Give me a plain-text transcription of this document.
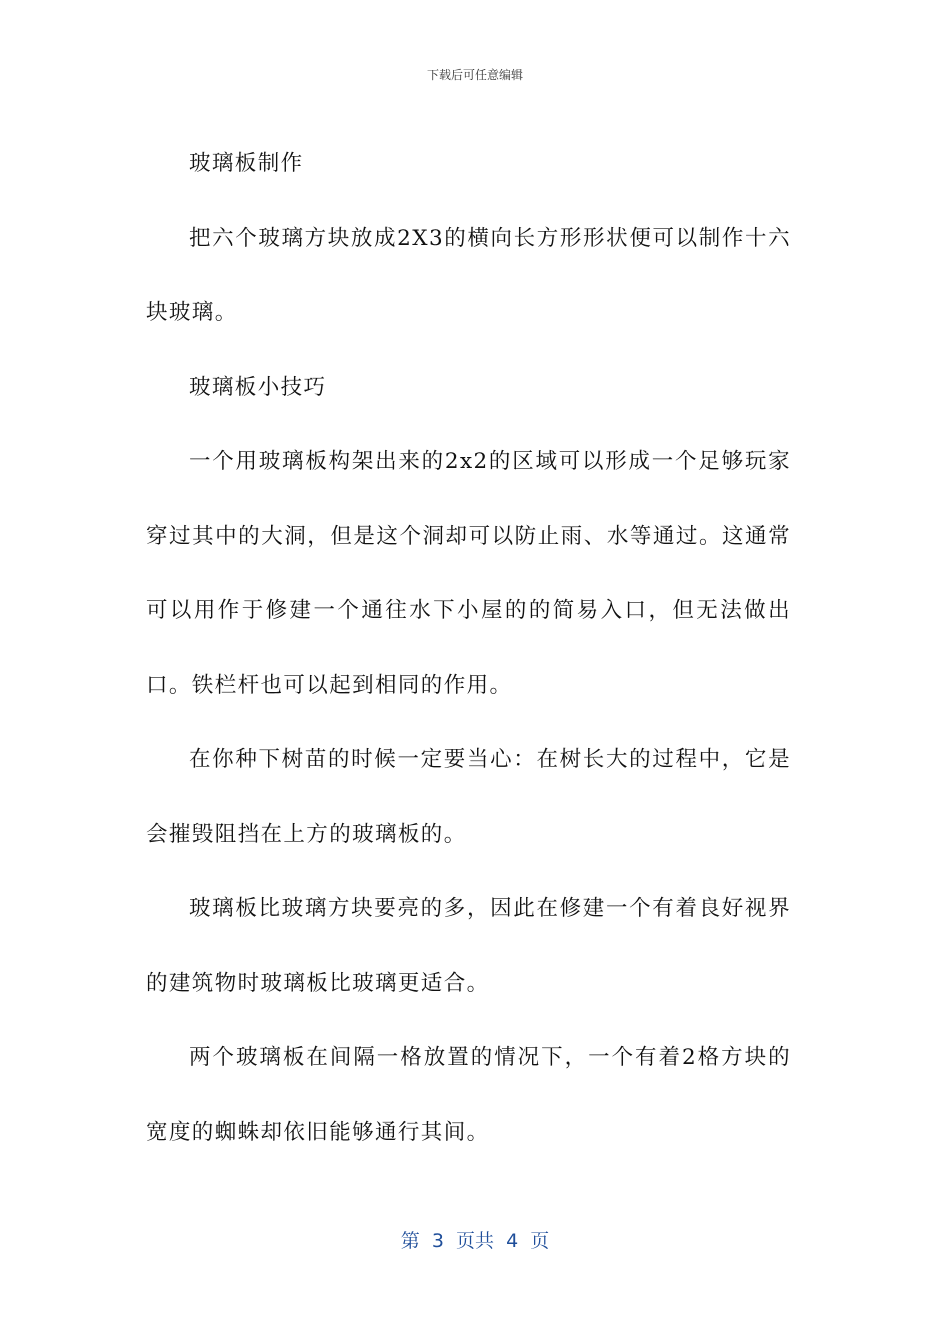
下载后可任意编辑

玻璃板制作

把六个玻璃方块放成2X3的横向长方形形状便可以制作十六块玻璃。

玻璃板小技巧

一个用玻璃板构架出来的2x2的区域可以形成一个足够玩家穿过其中的大洞，但是这个洞却可以防止雨、水等通过。这通常可以用作于修建一个通往水下小屋的的简易入口，但无法做出口。铁栏杆也可以起到相同的作用。

在你种下树苗的时候一定要当心：在树长大的过程中，它是会摧毁阻挡在上方的玻璃板的。

玻璃板比玻璃方块要亮的多，因此在修建一个有着良好视界的建筑物时玻璃板比玻璃更适合。

两个玻璃板在间隔一格放置的情况下，一个有着2格方块的宽度的蜘蛛却依旧能够通行其间。

第  3  页共  4  页
